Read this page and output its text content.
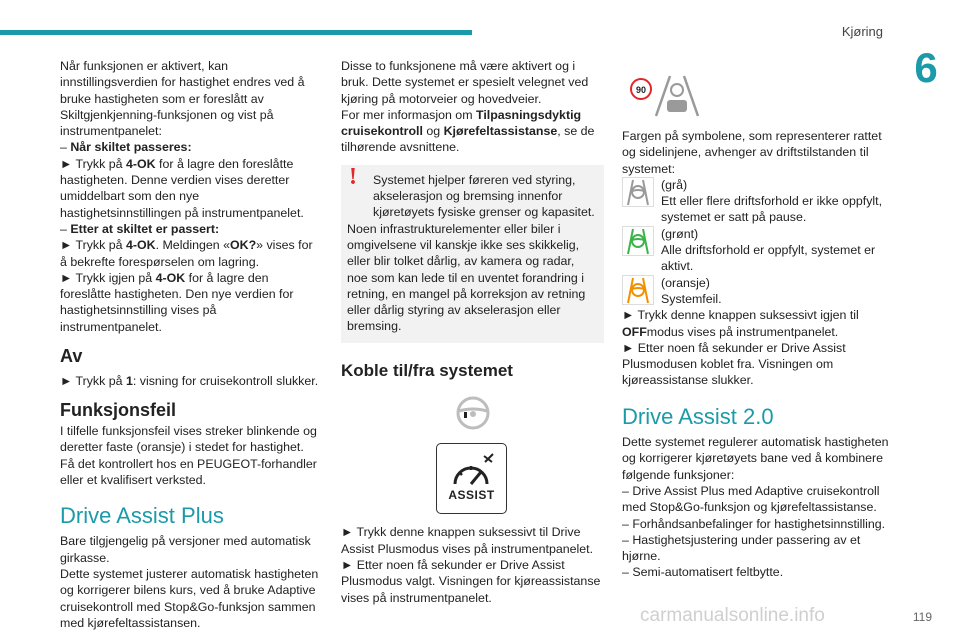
Kjøring
6

Når funksjonen er aktivert, kan innstillingsverdien for hastighet endres ved å bruke hastigheten som er foreslått av Skiltgjenkjenning-funksjonen og vist på instrumentpanelet:

– Når skiltet passeres:

► Trykk på 4-OK for å lagre den foreslåtte hastigheten. Denne verdien vises deretter umiddelbart som den nye hastighetsinnstillingen på instrumentpanelet.

– Etter at skiltet er passert:

► Trykk på 4-OK. Meldingen «OK?» vises for å bekrefte forespørselen om lagring.

► Trykk igjen på 4-OK for å lagre den foreslåtte hastigheten. Den nye verdien for hastighetsinnstilling vises på instrumentpanelet.

Av

► Trykk på 1: visning for cruisekontroll slukker.

Funksjonsfeil

I tilfelle funksjonsfeil vises streker blinkende og deretter faste (oransje) i stedet for hastighet. Få det kontrollert hos en PEUGEOT-forhandler eller et kvalifisert verksted.

Drive Assist Plus

Bare tilgjengelig på versjoner med automatisk girkasse.

Dette systemet justerer automatisk hastigheten og korrigerer bilens kurs, ved å bruke Adaptive cruisekontroll med Stop&Go-funksjon sammen med kjørefeltassistansen.

Disse to funksjonene må være aktivert og i bruk. Dette systemet er spesielt velegnet ved kjøring på motorveier og hovedveier.

For mer informasjon om Tilpasningsdyktig cruisekontroll og Kjørefeltassistanse, se de tilhørende avsnittene.

!	Systemet hjelper føreren ved styring, akselerasjon og bremsing innenfor kjøretøyets fysiske grenser og kapasitet.

Noen infrastrukturelementer eller biler i omgivelsene vil kanskje ikke ses skikkelig, eller blir tolket dårlig, av kamera og radar, noe som kan lede til en uventet forandring i retning, en mangel på korreksjon av retning eller dårlig styring av akselerasjon eller bremsing.

Koble til/fra systemet
ASSIST

► Trykk denne knappen suksessivt til Drive Assist Plusmodus vises på instrumentpanelet.

► Etter noen få sekunder er Drive Assist Plusmodus valgt. Visningen for kjøreassistanse vises på instrumentpanelet.

90

Fargen på symbolene, som representerer rattet og sidelinjene, avhenger av driftstilstanden til systemet:

(grå)

Ett eller flere driftsforhold er ikke oppfylt, systemet er satt på pause.

(grønt)

Alle driftsforhold er oppfylt, systemet er aktivt.

(oransje)

Systemfeil.

► Trykk denne knappen suksessivt igjen til OFFmodus vises på instrumentpanelet.

► Etter noen få sekunder er Drive Assist Plusmodusen koblet fra. Visningen om kjøreassistanse slukker.

Drive Assist 2.0

Dette systemet regulerer automatisk hastigheten og korrigerer kjøretøyets bane ved å kombinere følgende funksjoner:

– Drive Assist Plus med Adaptive cruisekontroll med Stop&Go-funksjon og kjørefeltassistanse.

– Forhåndsanbefalinger for hastighetsinnstilling.

– Hastighetsjustering under passering av et hjørne.

– Semi-automatisert feltbytte.

carmanualsonline.info	119
